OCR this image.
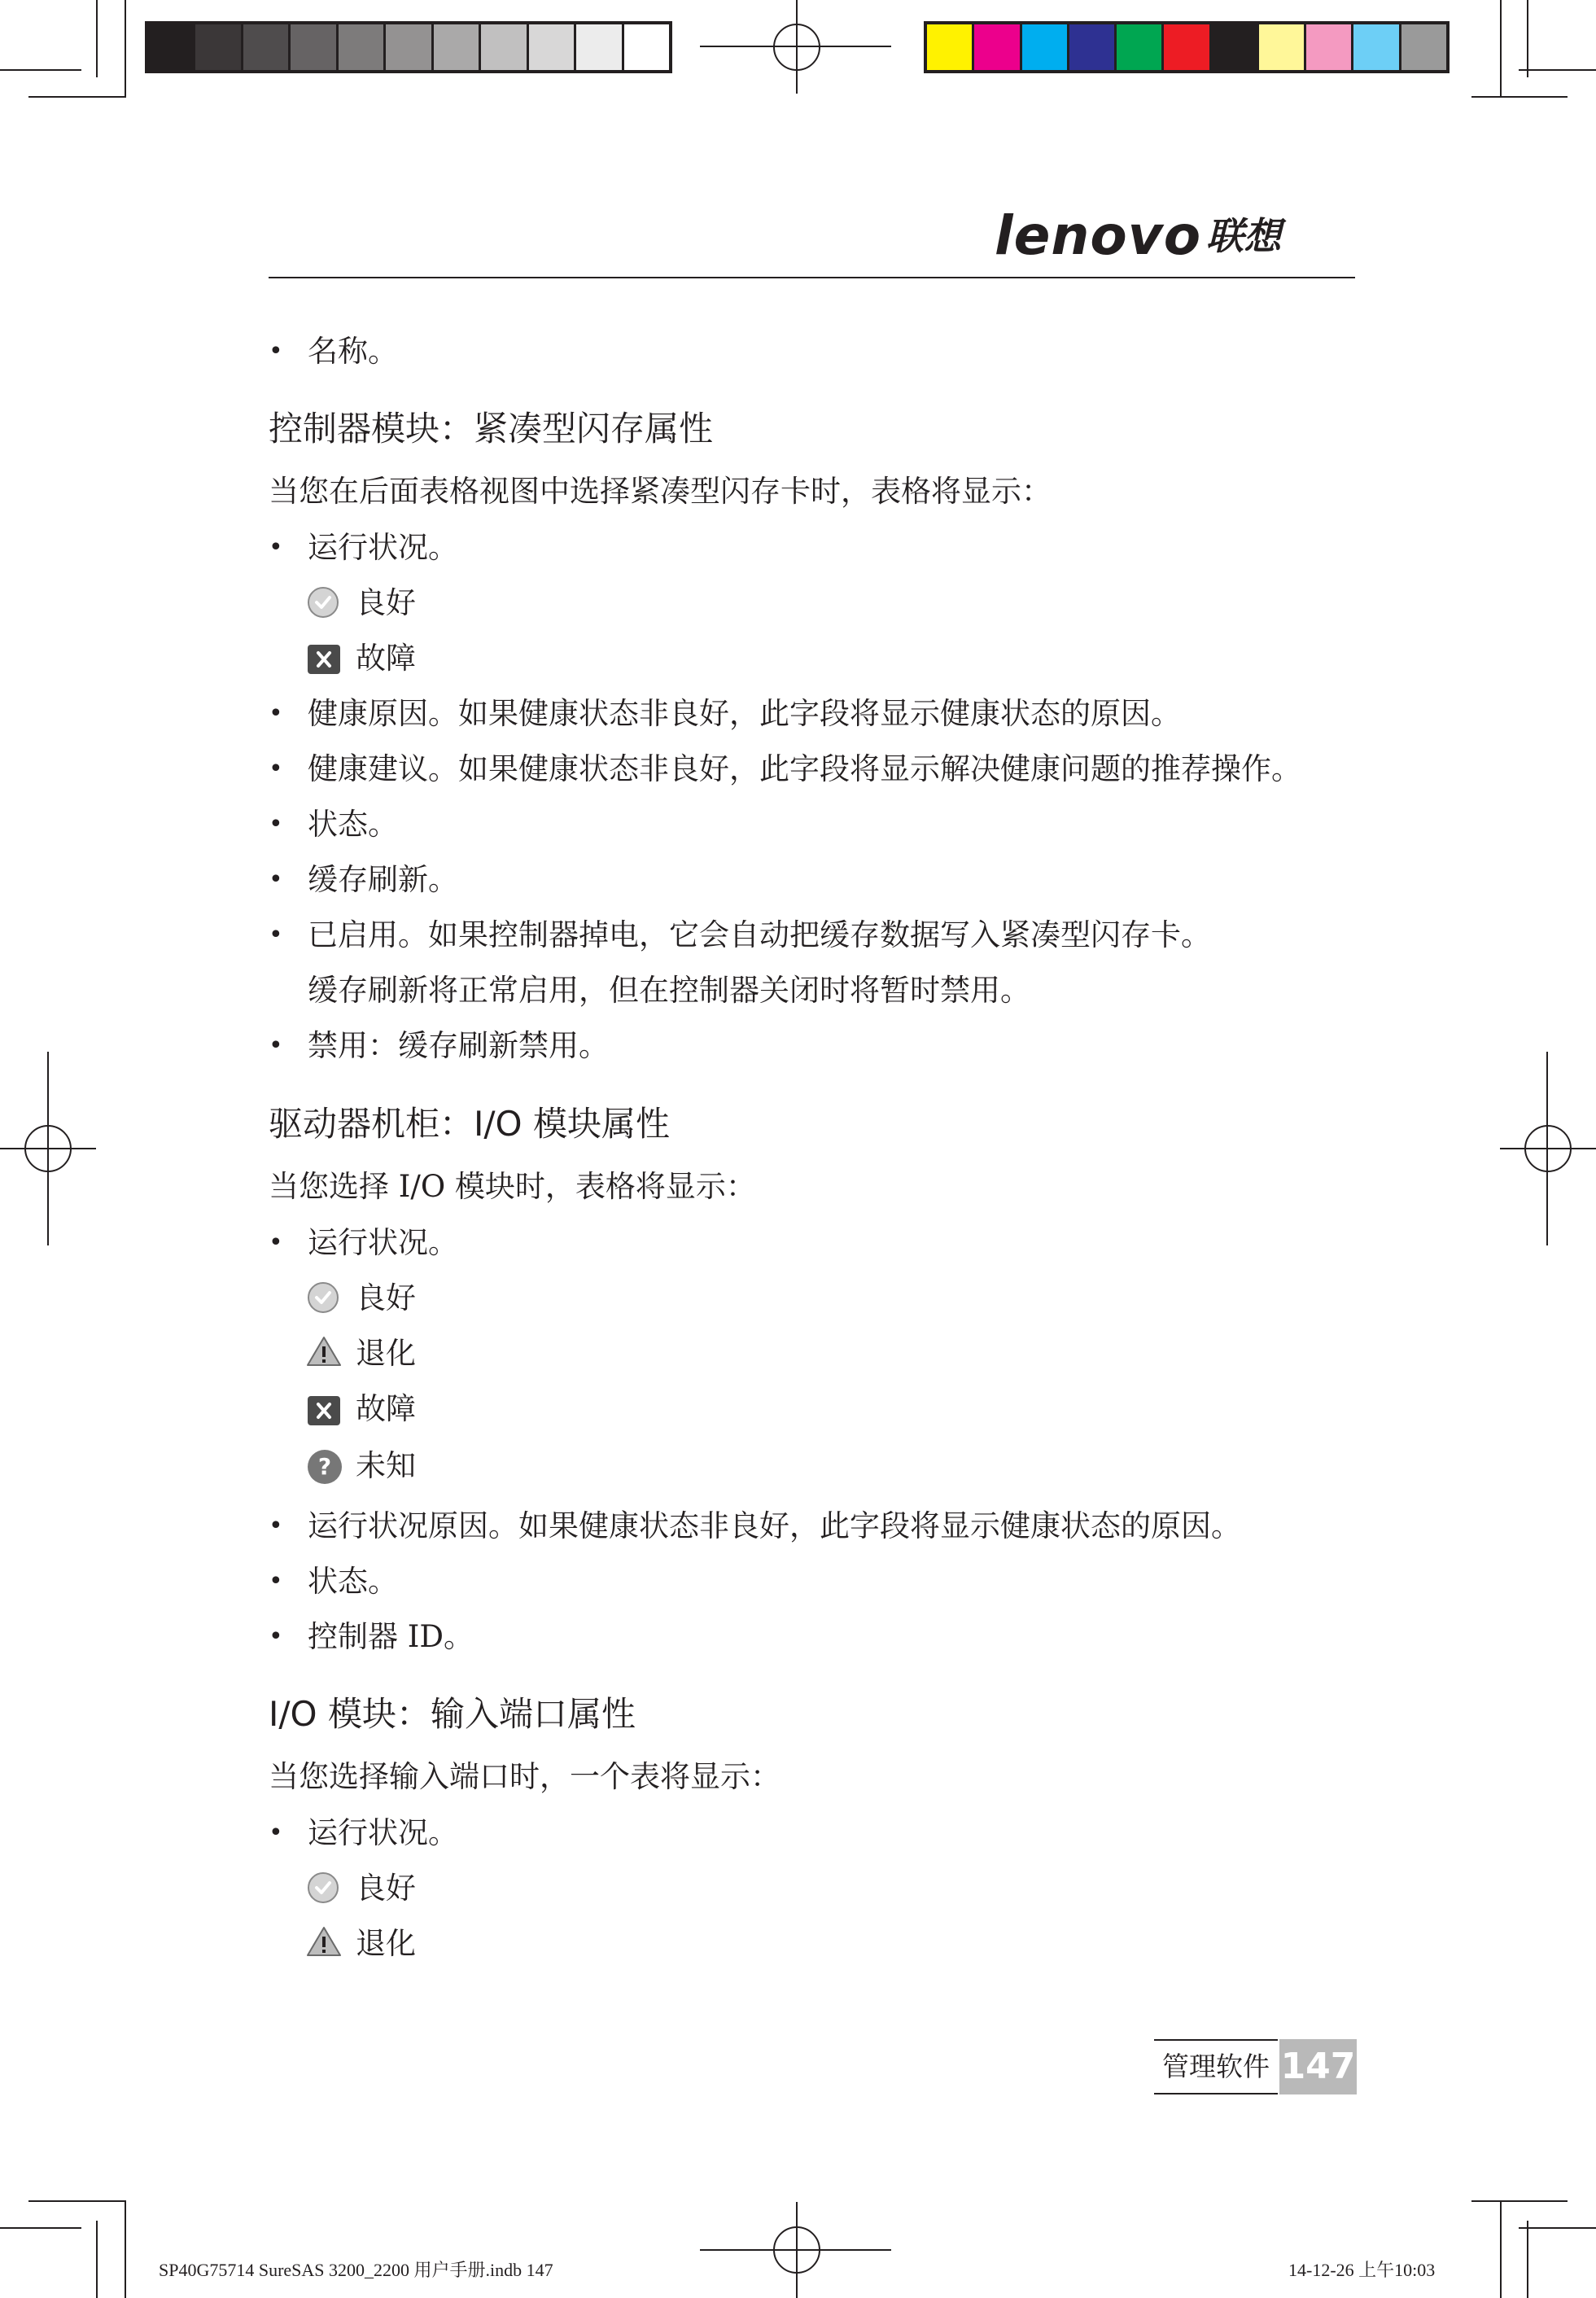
lenovo 联想
• 名称。
控制器模块：紧凑型闪存属性
当您在后面表格视图中选择紧凑型闪存卡时，表格将显示：
• 运行状况。
良好
故障
• 健康原因。如果健康状态非良好，此字段将显示健康状态的原因。
• 健康建议。如果健康状态非良好，此字段将显示解决健康问题的推荐操作。
• 状态。
• 缓存刷新。
• 已启用。如果控制器掉电，它会自动把缓存数据写入紧凑型闪存卡。
缓存刷新将正常启用，但在控制器关闭时将暂时禁用。
• 禁用：缓存刷新禁用。
驱动器机柜：I/O 模块属性
当您选择 I/O 模块时，表格将显示：
• 运行状况。
良好
退化
故障
? 未知
• 运行状况原因。如果健康状态非良好，此字段将显示健康状态的原因。
• 状态。
• 控制器 ID。
I/O 模块：输入端口属性
当您选择输入端口时，一个表将显示：
• 运行状况。
良好
退化
管理软件 147
SP40G75714 SureSAS 3200_2200 用户手册.indb 147	14-12-26 上午10:03
